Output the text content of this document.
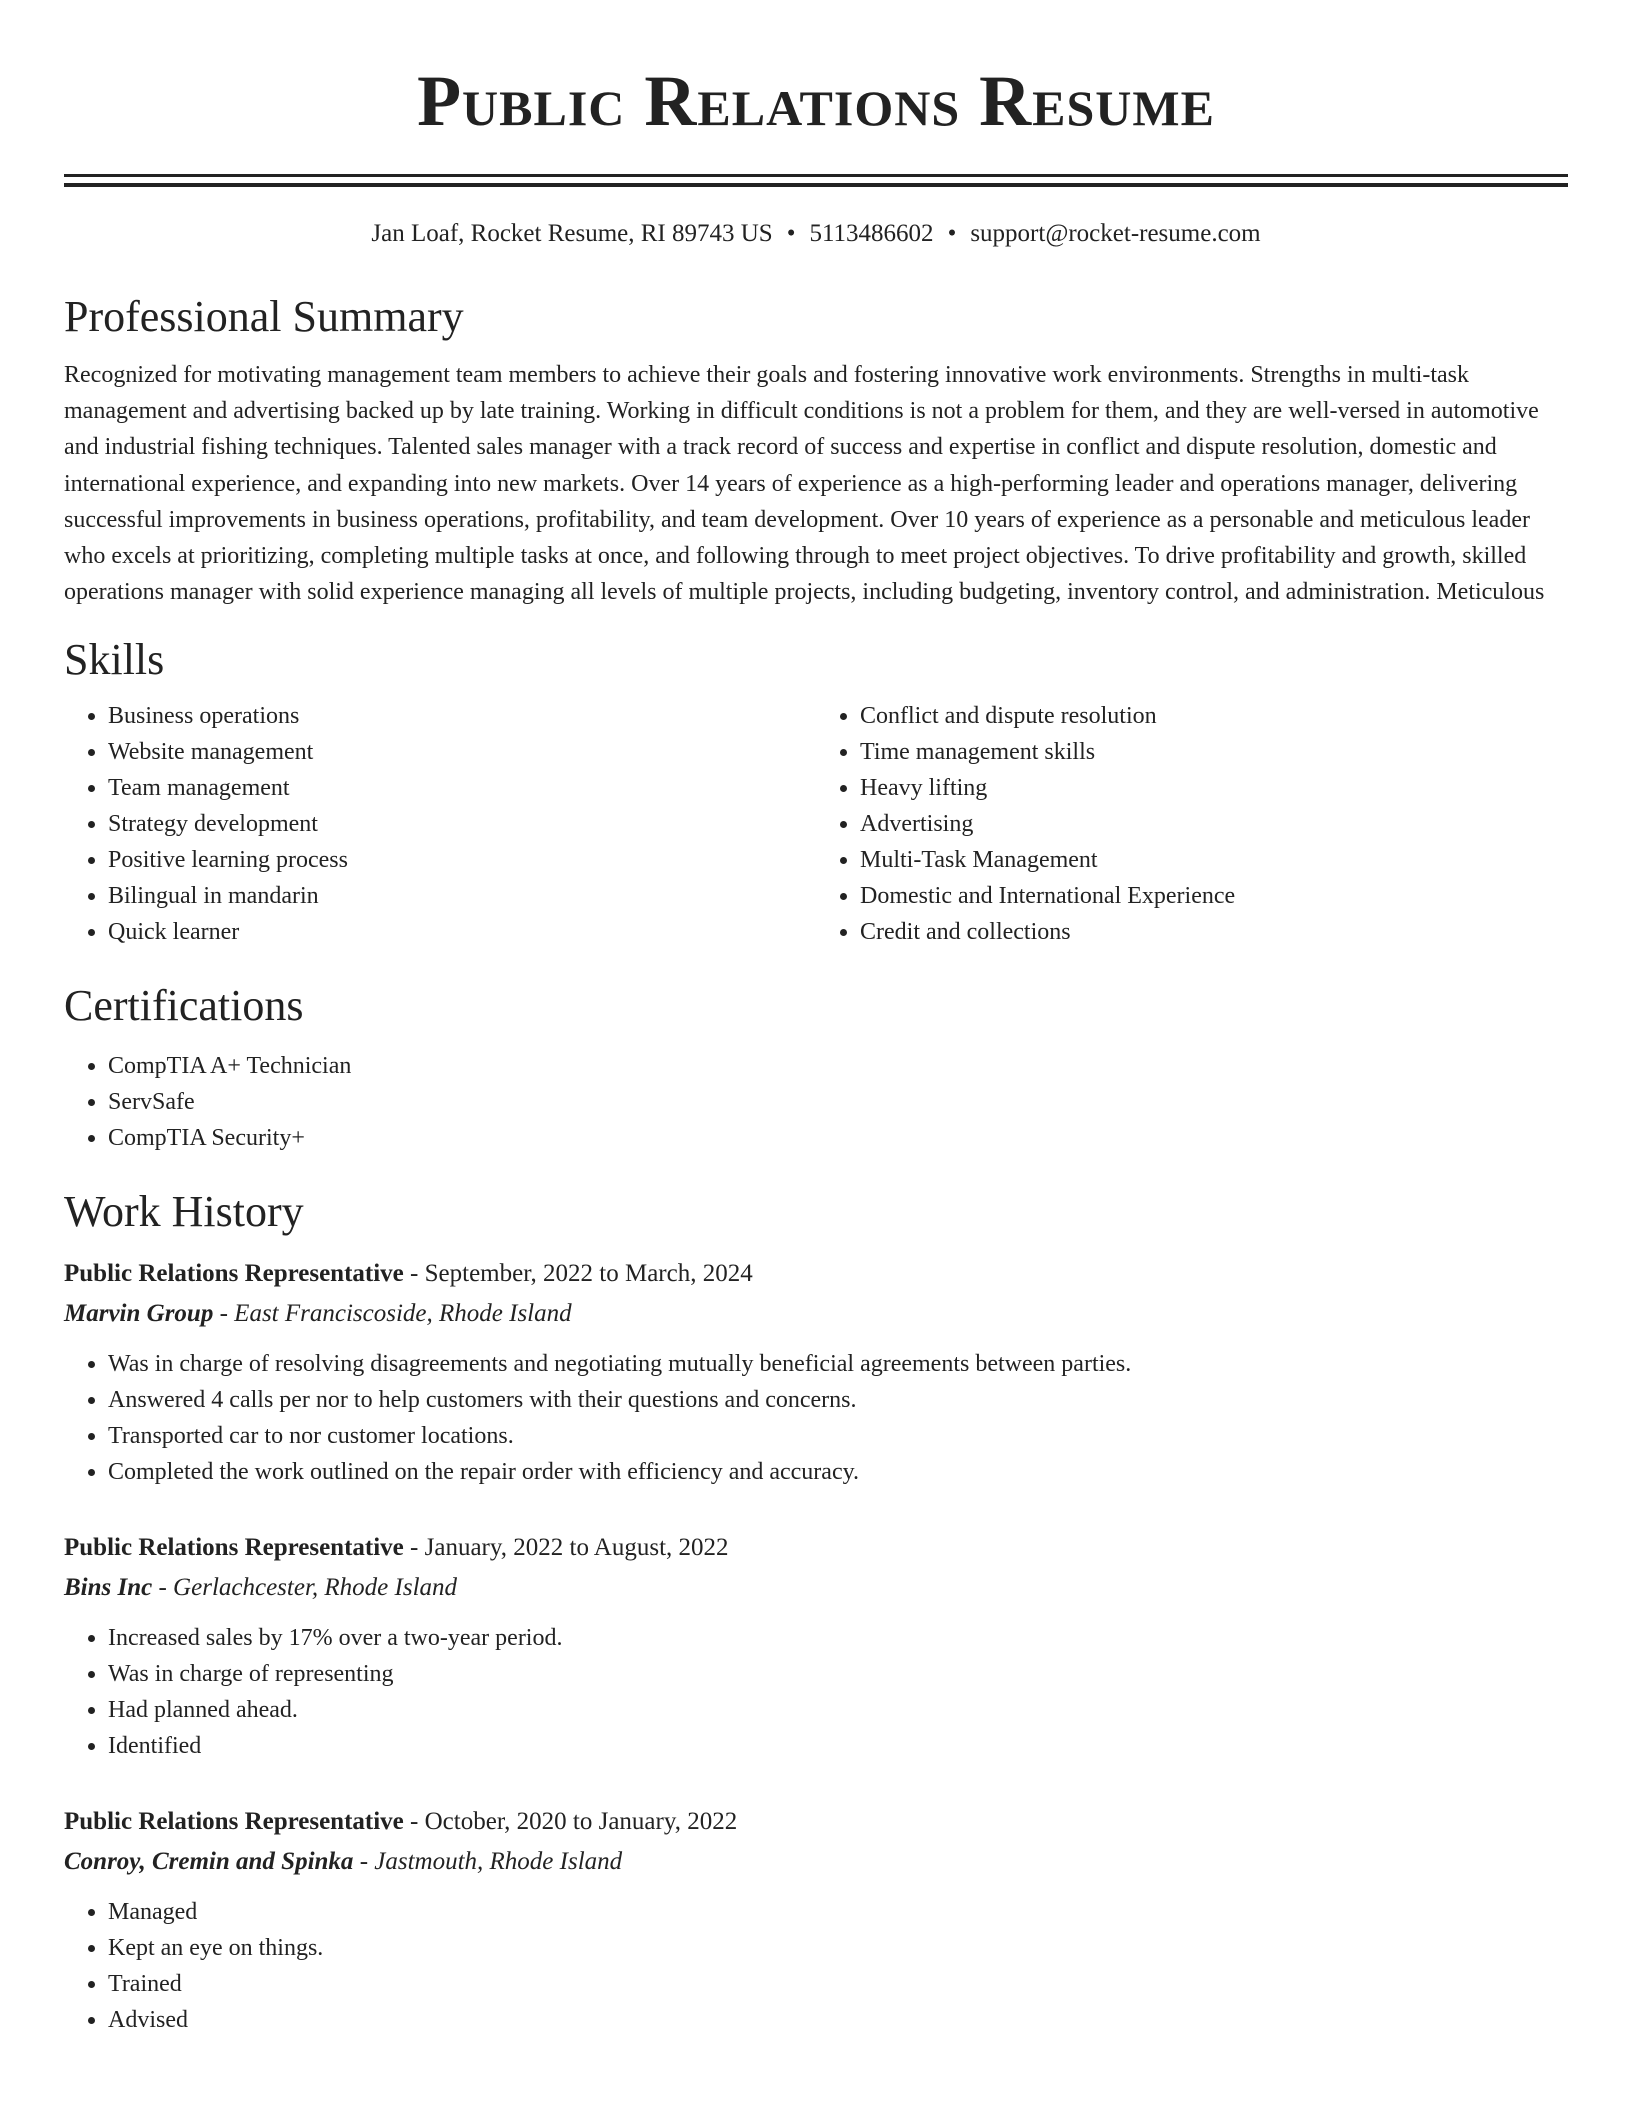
Public Relations Resume
Jan Loaf, Rocket Resume, RI 89743 US • 5113486602 • support@rocket-resume.com
Professional Summary

Recognized for motivating management team members to achieve their goals and fostering innovative work environments. Strengths in multi-task management and advertising backed up by late training. Working in difficult conditions is not a problem for them, and they are well-versed in automotive and industrial fishing techniques. Talented sales manager with a track record of success and expertise in conflict and dispute resolution, domestic and international experience, and expanding into new markets. Over 14 years of experience as a high-performing leader and operations manager, delivering successful improvements in business operations, profitability, and team development. Over 10 years of experience as a personable and meticulous leader who excels at prioritizing, completing multiple tasks at once, and following through to meet project objectives. To drive profitability and growth, skilled operations manager with solid experience managing all levels of multiple projects, including budgeting, inventory control, and administration. Meticulous

Skills
• Business operations
• Website management
• Team management
• Strategy development
• Positive learning process
• Bilingual in mandarin
• Quick learner
• Conflict and dispute resolution
• Time management skills
• Heavy lifting
• Advertising
• Multi-Task Management
• Domestic and International Experience
• Credit and collections
Certifications
• CompTIA A+ Technician
• ServSafe
• CompTIA Security+
Work History
Public Relations Representative - September, 2022 to March, 2024
Marvin Group - East Franciscoside, Rhode Island
• Was in charge of resolving disagreements and negotiating mutually beneficial agreements between parties.
• Answered 4 calls per nor to help customers with their questions and concerns.
• Transported car to nor customer locations.
• Completed the work outlined on the repair order with efficiency and accuracy.
Public Relations Representative - January, 2022 to August, 2022
Bins Inc - Gerlachcester, Rhode Island
• Increased sales by 17% over a two-year period.
• Was in charge of representing
• Had planned ahead.
• Identified
Public Relations Representative - October, 2020 to January, 2022
Conroy, Cremin and Spinka - Jastmouth, Rhode Island
• Managed
• Kept an eye on things.
• Trained
• Advised
